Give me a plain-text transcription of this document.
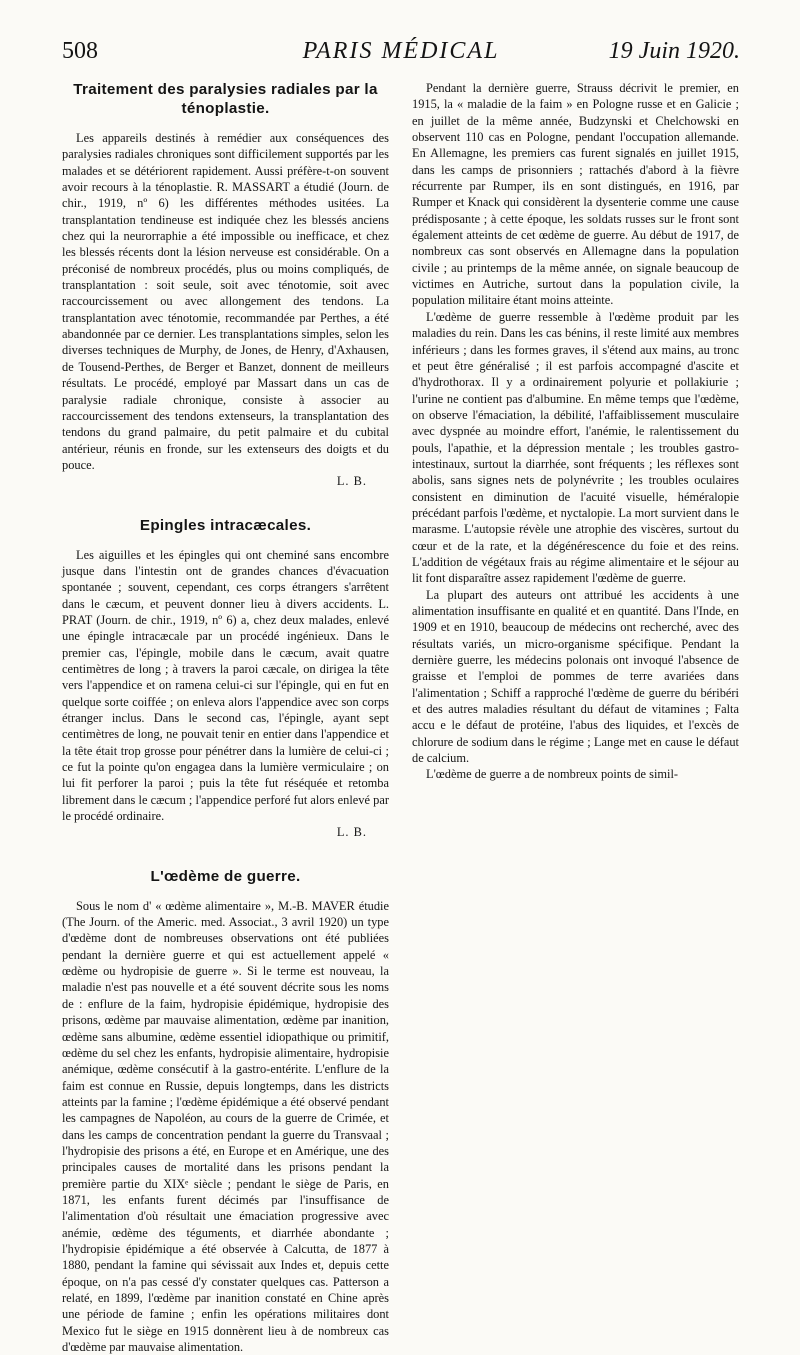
508	PARIS MÉDICAL	19 Juin 1920.
Traitement des paralysies radiales par la ténoplastie.

Les appareils destinés à remédier aux conséquences des paralysies radiales chroniques sont difficilement supportés par les malades et se détériorent rapidement. Aussi préfère-t-on souvent avoir recours à la ténoplastie. R. MASSART a étudié (Journ. de chir., 1919, nº 6) les différentes méthodes usitées. La transplantation tendineuse est indiquée chez les blessés anciens chez qui la neurorraphie a été impossible ou inefficace, et chez les blessés récents dont la lésion nerveuse est considérable. On a préconisé de nombreux procédés, plus ou moins compliqués, de transplantation : soit seule, soit avec ténotomie, soit avec raccourcissement ou avec allongement des tendons. La transplantation avec ténotomie, recommandée par Perthes, a été abandonnée par ce dernier. Les transplantations simples, selon les diverses techniques de Murphy, de Jones, de Henry, d'Axhausen, de Tousend-Perthes, de Berger et Banzet, donnent de meilleurs résultats. Le procédé, employé par Massart dans un cas de paralysie radiale chronique, consiste à associer au raccourcissement des tendons extenseurs, la transplantation des tendons du grand palmaire, du petit palmaire et du cubital antérieur, réunis en fronde, sur les extenseurs des doigts et du pouce.

L. B.

Epingles intracæcales.

Les aiguilles et les épingles qui ont cheminé sans encombre jusque dans l'intestin ont de grandes chances d'évacuation spontanée ; souvent, cependant, ces corps étrangers s'arrêtent dans le cæcum, et peuvent donner lieu à divers accidents. L. PRAT (Journ. de chir., 1919, nº 6) a, chez deux malades, enlevé une épingle intracæcale par un procédé ingénieux. Dans le premier cas, l'épingle, mobile dans le cæcum, avait quatre centimètres de long ; à travers la paroi cæcale, on dirigea la tête vers l'appendice et on ramena celui-ci sur l'épingle, qui en fut en quelque sorte coiffée ; on enleva alors l'appendice avec son corps étranger inclus. Dans le second cas, l'épingle, ayant sept centimètres de long, ne pouvait tenir en entier dans l'appendice et la tête était trop grosse pour pénétrer dans la lumière de celui-ci ; ce fut la pointe qu'on engagea dans la lumière vermiculaire ; on lui fit perforer la paroi ; puis la tête fut réséquée et retomba librement dans le cæcum ; l'appendice perforé fut alors enlevé par le procédé ordinaire.

L. B.

L'œdème de guerre.

Sous le nom d' « œdème alimentaire », M.-B. MAVER étudie (The Journ. of the Americ. med. Associat., 3 avril 1920) un type d'œdème dont de nombreuses observations ont été publiées pendant la dernière guerre et qui est actuellement appelé « œdème ou hydropisie de guerre ». Si le terme est nouveau, la maladie n'est pas nouvelle et a été souvent décrite sous les noms de : enflure de la faim, hydropisie épidémique, hydropisie des prisons, œdème par mauvaise alimentation, œdème par inanition, œdème sans albumine, œdème essentiel idiopathique ou primitif, œdème du sel chez les enfants, hydropisie alimentaire, hydropisie anémique, œdème consécutif à la gastro-entérite. L'enflure de la faim est connue en Russie, depuis longtemps, dans les districts atteints par la famine ; l'œdème épidémique a été observé pendant les campagnes de Napoléon, au cours de la guerre de Crimée, et dans les camps de concentration pendant la guerre du Transvaal ; l'hydropisie des prisons a été, en Europe et en Amérique, une des principales causes de mortalité dans les prisons pendant la première partie du XIXᵉ siècle ; pendant le siège de Paris, en 1871, les enfants furent décimés par l'insuffisance de l'alimentation d'où résultait une émaciation progressive avec anémie, œdème des téguments, et diarrhée abondante ; l'hydropisie épidémique a été observée à Calcutta, de 1877 à 1880, pendant la famine qui sévissait aux Indes et, depuis cette époque, on n'a pas cessé d'y constater quelques cas. Patterson a relaté, en 1899, l'œdème par inanition constaté en Chine après une période de famine ; enfin les opérations militaires dont Mexico fut le siège en 1915 donnèrent lieu à de nombreux cas d'œdème par mauvaise alimentation.

Pendant la dernière guerre, Strauss décrivit le premier, en 1915, la « maladie de la faim » en Pologne russe et en Galicie ; en juillet de la même année, Budzynski et Chelchowski en observent 110 cas en Pologne, pendant l'occupation allemande. En Allemagne, les premiers cas furent signalés en juillet 1915, dans les camps de prisonniers ; rattachés d'abord à la fièvre récurrente par Rumper, ils en sont distingués, en 1916, par Rumper et Knack qui considèrent la dysenterie comme une cause prédisposante ; à cette époque, les soldats russes sur le front sont également atteints de cet œdème de guerre. Au début de 1917, de nombreux cas sont observés en Allemagne dans la population civile ; au printemps de la même année, on signale beaucoup de victimes en Autriche, surtout dans la population civile, la population militaire étant moins atteinte.

L'œdème de guerre ressemble à l'œdème produit par les maladies du rein. Dans les cas bénins, il reste limité aux membres inférieurs ; dans les formes graves, il s'étend aux mains, au tronc et peut être généralisé ; il est parfois accompagné d'ascite et d'hydrothorax. Il y a ordinairement polyurie et pollakiurie ; l'urine ne contient pas d'albumine. En même temps que l'œdème, on observe l'émaciation, la débilité, l'affaiblissement musculaire avec dyspnée au moindre effort, l'anémie, le ralentissement du pouls, l'apathie, et la dépression mentale ; les troubles gastro-intestinaux, surtout la diarrhée, sont fréquents ; les réflexes sont abolis, sans signes nets de polynévrite ; les troubles oculaires consistent en diminution de l'acuité visuelle, héméralopie précédant parfois l'œdème, et nyctalopie. La mort survient dans le marasme. L'autopsie révèle une atrophie des viscères, surtout du cœur et de la rate, et la dégénérescence du foie et des reins. L'addition de végétaux frais au régime alimentaire et le séjour au lit font disparaître assez rapidement l'œdème de guerre.

La plupart des auteurs ont attribué les accidents à une alimentation insuffisante en qualité et en quantité. Dans l'Inde, en 1909 et en 1910, beaucoup de médecins ont recherché, avec des résultats variés, un micro-organisme spécifique. Pendant la dernière guerre, les médecins polonais ont invoqué l'absence de graisse et l'emploi de pommes de terre avariées dans l'alimentation ; Schiff a rapproché l'œdème de guerre du béribéri et des autres maladies résultant du défaut de vitamines ; Falta accu e le défaut de protéine, l'abus des liquides, et l'excès de chlorure de sodium dans le régime ; Lange met en cause le défaut de calcium.

L'œdème de guerre a de nombreux points de simil-
